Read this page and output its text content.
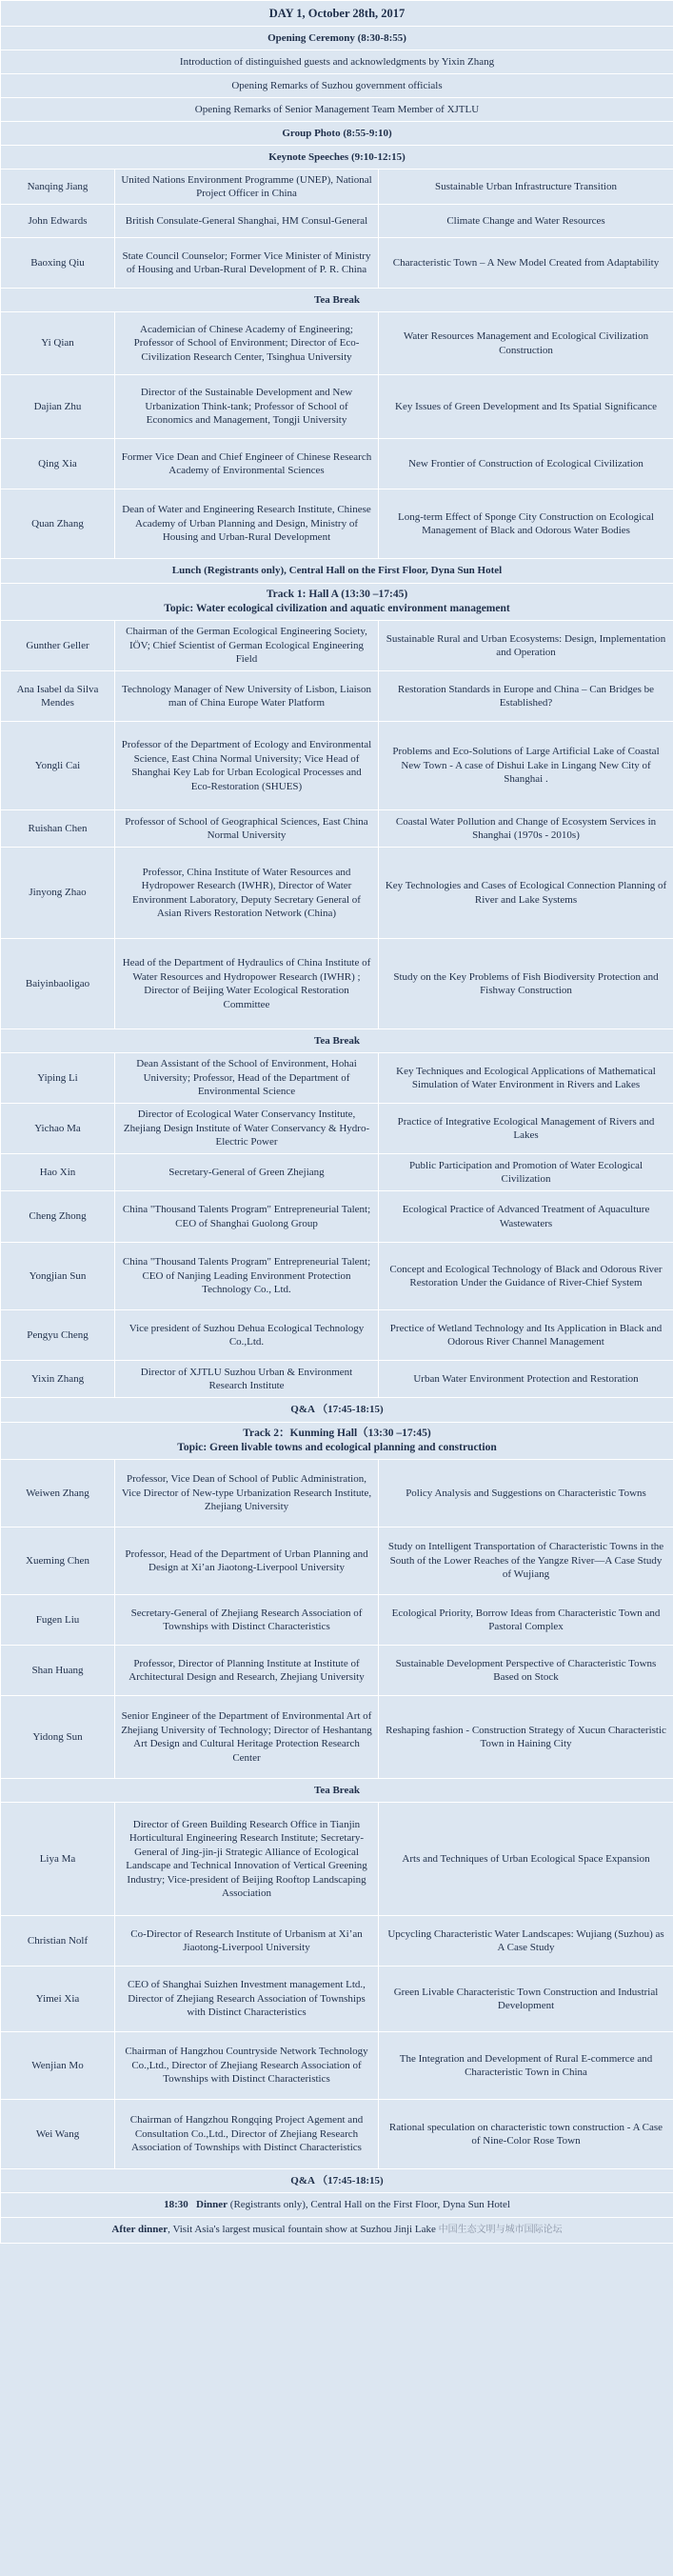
DAY 1, October 28th, 2017		
Opening Ceremony (8:30-8:55)		
Introduction of distinguished guests and acknowledgments by Yixin Zhang		
Opening Remarks of Suzhou government officials		
Opening Remarks of Senior Management Team Member of XJTLU		
Group Photo (8:55-9:10)		
Keynote Speeches (9:10-12:15)		
Nanqing Jiang	United Nations Environment Programme (UNEP), National Project Officer in China	Sustainable Urban Infrastructure Transition
John Edwards	British Consulate-General Shanghai, HM Consul-General	Climate Change and Water Resources
Baoxing Qiu	State Council Counselor; Former Vice Minister of Ministry of Housing and Urban-Rural Development of P. R. China	Characteristic Town – A New Model Created from Adaptability
Tea Break		
Yi Qian	Academician of Chinese Academy of Engineering; Professor of School of Environment; Director of Eco-Civilization Research Center, Tsinghua University	Water Resources Management and Ecological Civilization Construction
Dajian Zhu	Director of the Sustainable Development and New Urbanization Think-tank; Professor of School of Economics and Management, Tongji University	Key Issues of Green Development and Its Spatial Significance
Qing Xia	Former Vice Dean and Chief Engineer of Chinese Research Academy of Environmental Sciences	New Frontier of Construction of Ecological Civilization
Quan Zhang	Dean of Water and Engineering Research Institute, Chinese Academy of Urban Planning and Design, Ministry of Housing and Urban-Rural Development	Long-term Effect of Sponge City Construction on Ecological Management of Black and Odorous Water Bodies
Lunch (Registrants only), Central Hall on the First Floor, Dyna Sun Hotel		

Track 1: Hall A (13:30 –17:45)
Topic: Water ecological civilization and aquatic environment management		

Gunther Geller	Chairman of the German Ecological Engineering Society, IÖV; Chief Scientist of German Ecological Engineering Field	Sustainable Rural and Urban Ecosystems: Design, Implementation and Operation
Ana Isabel da Silva Mendes	Technology Manager of New University of Lisbon, Liaison man of China Europe Water Platform	Restoration Standards in Europe and China – Can Bridges be Established?
Yongli Cai	Professor of the Department of Ecology and Environmental Science, East China Normal University; Vice Head of Shanghai Key Lab for Urban Ecological Processes and Eco-Restoration (SHUES)	Problems and Eco-Solutions of Large Artificial Lake of Coastal New Town - A case of Dishui Lake in Lingang New City of Shanghai .
Ruishan Chen	Professor of School of Geographical Sciences, East China Normal University	Coastal Water Pollution and Change of Ecosystem Services in Shanghai (1970s - 2010s)
Jinyong Zhao	Professor, China Institute of Water Resources and Hydropower Research (IWHR), Director of Water Environment Laboratory, Deputy Secretary General of Asian Rivers Restoration Network (China)	Key Technologies and Cases of Ecological Connection Planning of River and Lake Systems
Baiyinbaoligao	Head of the Department of Hydraulics of China Institute of Water Resources and Hydropower Research (IWHR) ; Director of Beijing Water Ecological Restoration Committee	Study on the Key Problems of Fish Biodiversity Protection and Fishway Construction
Tea Break		
Yiping Li	Dean Assistant of the School of Environment, Hohai University; Professor, Head of the Department of Environmental Science	Key Techniques and Ecological Applications of Mathematical Simulation of Water Environment in Rivers and Lakes
Yichao Ma	Director of Ecological Water Conservancy Institute, Zhejiang Design Institute of Water Conservancy & Hydro-Electric Power	Practice of Integrative Ecological Management of Rivers and Lakes
Hao Xin	Secretary-General of Green Zhejiang	Public Participation and Promotion of Water Ecological Civilization
Cheng Zhong	China "Thousand Talents Program" Entrepreneurial Talent; CEO of Shanghai Guolong Group	Ecological Practice of Advanced Treatment of Aquaculture Wastewaters
Yongjian Sun	China "Thousand Talents Program" Entrepreneurial Talent; CEO of Nanjing Leading Environment Protection Technology Co., Ltd.	Concept and Ecological Technology of Black and Odorous River Restoration Under the Guidance of River-Chief System
Pengyu Cheng	Vice president of Suzhou Dehua Ecological Technology Co.,Ltd.	Prectice of Wetland Technology and Its Application in Black and Odorous River Channel Management
Yixin Zhang	Director of XJTLU Suzhou Urban & Environment Research Institute	Urban Water Environment Protection and Restoration
Q&A （17:45-18:15)		

Track 2：Kunming Hall（13:30 –17:45)
Topic: Green livable towns and ecological planning and construction		

Weiwen Zhang	Professor, Vice Dean of School of Public Administration, Vice Director of New-type Urbanization Research Institute, Zhejiang University	Policy Analysis and Suggestions on Characteristic Towns
Xueming Chen	Professor, Head of the Department of Urban Planning and Design at Xi’an Jiaotong-Liverpool University	Study on Intelligent Transportation of Characteristic Towns in the South of the Lower Reaches of the Yangze River—A Case Study of Wujiang
Fugen Liu	Secretary-General of Zhejiang Research Association of Townships with Distinct Characteristics	Ecological Priority, Borrow Ideas from Characteristic Town and Pastoral Complex
Shan Huang	Professor, Director of Planning Institute at Institute of Architectural Design and Research, Zhejiang University	Sustainable Development Perspective of Characteristic Towns Based on Stock
Yidong Sun	Senior Engineer of the Department of Environmental Art of Zhejiang University of Technology; Director of Heshantang Art Design and Cultural Heritage Protection Research Center	Reshaping fashion - Construction Strategy of Xucun Characteristic Town in Haining City
Tea Break		
Liya Ma	Director of Green Building Research Office in Tianjin Horticultural Engineering Research Institute; Secretary-General of Jing-jin-ji Strategic Alliance of Ecological Landscape and Technical Innovation of Vertical Greening Industry; Vice-president of Beijing Rooftop Landscaping Association	Arts and Techniques of Urban Ecological Space Expansion
Christian Nolf	Co-Director of Research Institute of Urbanism at Xi’an Jiaotong-Liverpool University	Upcycling Characteristic Water Landscapes: Wujiang (Suzhou) as A Case Study
Yimei Xia	CEO of Shanghai Suizhen Investment management Ltd., Director of Zhejiang Research Association of Townships with Distinct Characteristics	Green Livable Characteristic Town Construction and Industrial Development
Wenjian Mo	Chairman of Hangzhou Countryside Network Technology Co.,Ltd., Director of Zhejiang Research Association of Townships with Distinct Characteristics	The Integration and Development of Rural E-commerce and Characteristic Town in China
Wei Wang	Chairman of Hangzhou Rongqing Project Agement and Consultation Co.,Ltd., Director of Zhejiang Research Association of Townships with Distinct Characteristics	Rational speculation on characteristic town construction - A Case of Nine-Color Rose Town
Q&A （17:45-18:15)		
18:30 Dinner (Registrants only), Central Hall on the First Floor, Dyna Sun Hotel		
After dinner, Visit Asia's largest musical fountain show at Suzhou Jinji Lake 中国生态文明与城市国际论坛		
